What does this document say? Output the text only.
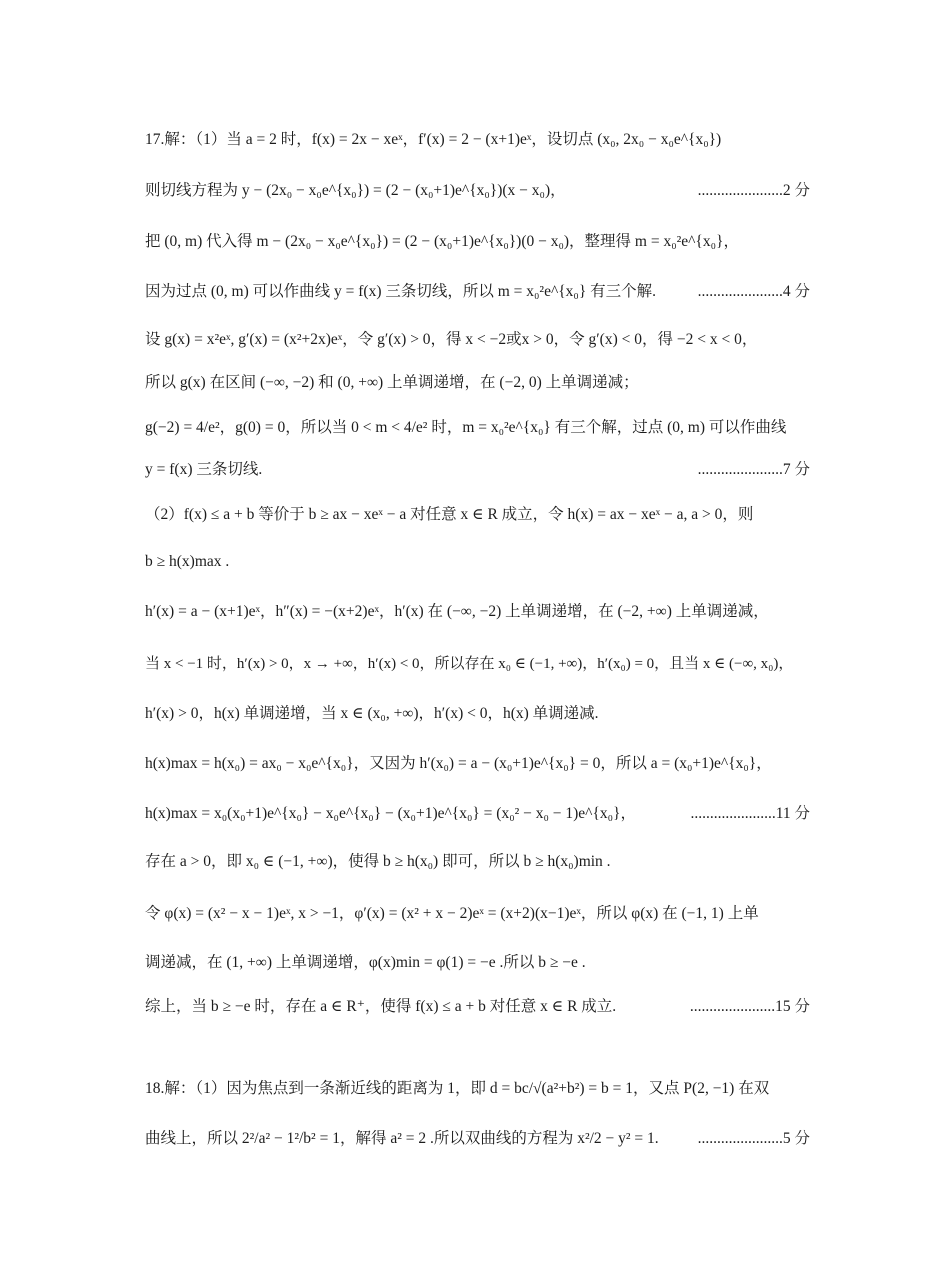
17.解：（1）当 a = 2 时，f(x) = 2x − xeˣ，f′(x) = 2 − (x+1)eˣ，设切点 (x₀, 2x₀ − x₀e^{x₀})
则切线方程为 y − (2x₀ − x₀e^{x₀}) = (2 − (x₀+1)e^{x₀})(x − x₀)，	......................2 分
把 (0, m) 代入得 m − (2x₀ − x₀e^{x₀}) = (2 − (x₀+1)e^{x₀})(0 − x₀)，整理得 m = x₀²e^{x₀}，
因为过点 (0, m) 可以作曲线 y = f(x) 三条切线，所以 m = x₀²e^{x₀} 有三个解.	......................4 分
设 g(x) = x²eˣ, g′(x) = (x²+2x)eˣ，令 g′(x) > 0，得 x < −2或x > 0，令 g′(x) < 0，得 −2 < x < 0，
所以 g(x) 在区间 (−∞, −2) 和 (0, +∞) 上单调递增，在 (−2, 0) 上单调递减；
g(−2) = 4/e²，g(0) = 0，所以当 0 < m < 4/e² 时，m = x₀²e^{x₀} 有三个解，过点 (0, m) 可以作曲线
y = f(x) 三条切线.	......................7 分
（2）f(x) ≤ a + b 等价于 b ≥ ax − xeˣ − a 对任意 x ∈ R 成立，令 h(x) = ax − xeˣ − a, a > 0，则
b ≥ h(x)max .
h′(x) = a − (x+1)eˣ，h″(x) = −(x+2)eˣ，h′(x) 在 (−∞, −2) 上单调递增，在 (−2, +∞) 上单调递减，
当 x < −1 时，h′(x) > 0，x → +∞，h′(x) < 0，所以存在 x₀ ∈ (−1, +∞)，h′(x₀) = 0，且当 x ∈ (−∞, x₀)，
h′(x) > 0，h(x) 单调递增，当 x ∈ (x₀, +∞)，h′(x) < 0，h(x) 单调递减.
h(x)max = h(x₀) = ax₀ − x₀e^{x₀}，又因为 h′(x₀) = a − (x₀+1)e^{x₀} = 0，所以 a = (x₀+1)e^{x₀}，
h(x)max = x₀(x₀+1)e^{x₀} − x₀e^{x₀} − (x₀+1)e^{x₀} = (x₀² − x₀ − 1)e^{x₀}，	......................11 分
存在 a > 0，即 x₀ ∈ (−1, +∞)，使得 b ≥ h(x₀) 即可，所以 b ≥ h(x₀)min .
令 φ(x) = (x² − x − 1)eˣ, x > −1，φ′(x) = (x² + x − 2)eˣ = (x+2)(x−1)eˣ，所以 φ(x) 在 (−1, 1) 上单
调递减，在 (1, +∞) 上单调递增，φ(x)min = φ(1) = −e .所以 b ≥ −e .
综上，当 b ≥ −e 时，存在 a ∈ R⁺，使得 f(x) ≤ a + b 对任意 x ∈ R 成立.	......................15 分
18.解：（1）因为焦点到一条渐近线的距离为 1，即 d = bc/√(a²+b²) = b = 1，又点 P(2, −1) 在双
曲线上，所以 2²/a² − 1²/b² = 1，解得 a² = 2 .所以双曲线的方程为 x²/2 − y² = 1.	......................5 分
